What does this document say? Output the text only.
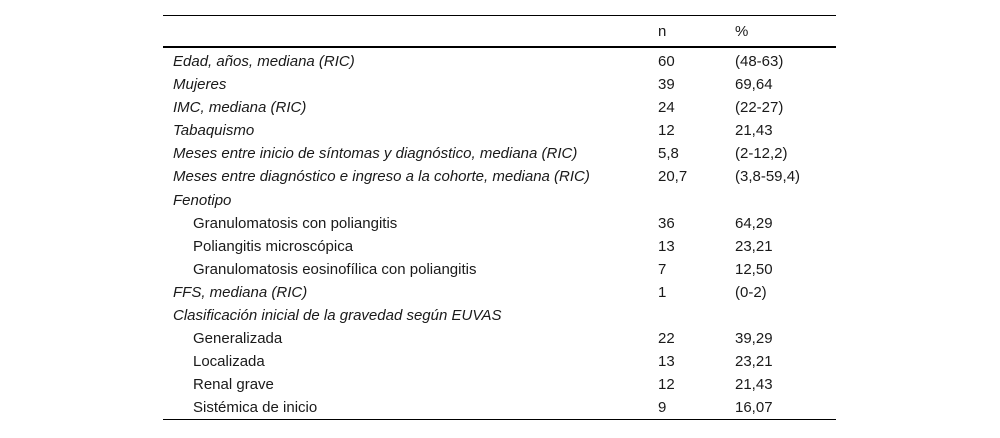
	n	%
Edad, años, mediana (RIC)	60	(48-63)
Mujeres	39	69,64
IMC, mediana (RIC)	24	(22-27)
Tabaquismo	12	21,43
Meses entre inicio de síntomas y diagnóstico, mediana (RIC)	5,8	(2-12,2)
Meses entre diagnóstico e ingreso a la cohorte, mediana (RIC)	20,7	(3,8-59,4)
Fenotipo		
Granulomatosis con poliangitis	36	64,29
Poliangitis microscópica	13	23,21
Granulomatosis eosinofílica con poliangitis	7	12,50
FFS, mediana (RIC)	1	(0-2)
Clasificación inicial de la gravedad según EUVAS		
Generalizada	22	39,29
Localizada	13	23,21
Renal grave	12	21,43
Sistémica de inicio	9	16,07
